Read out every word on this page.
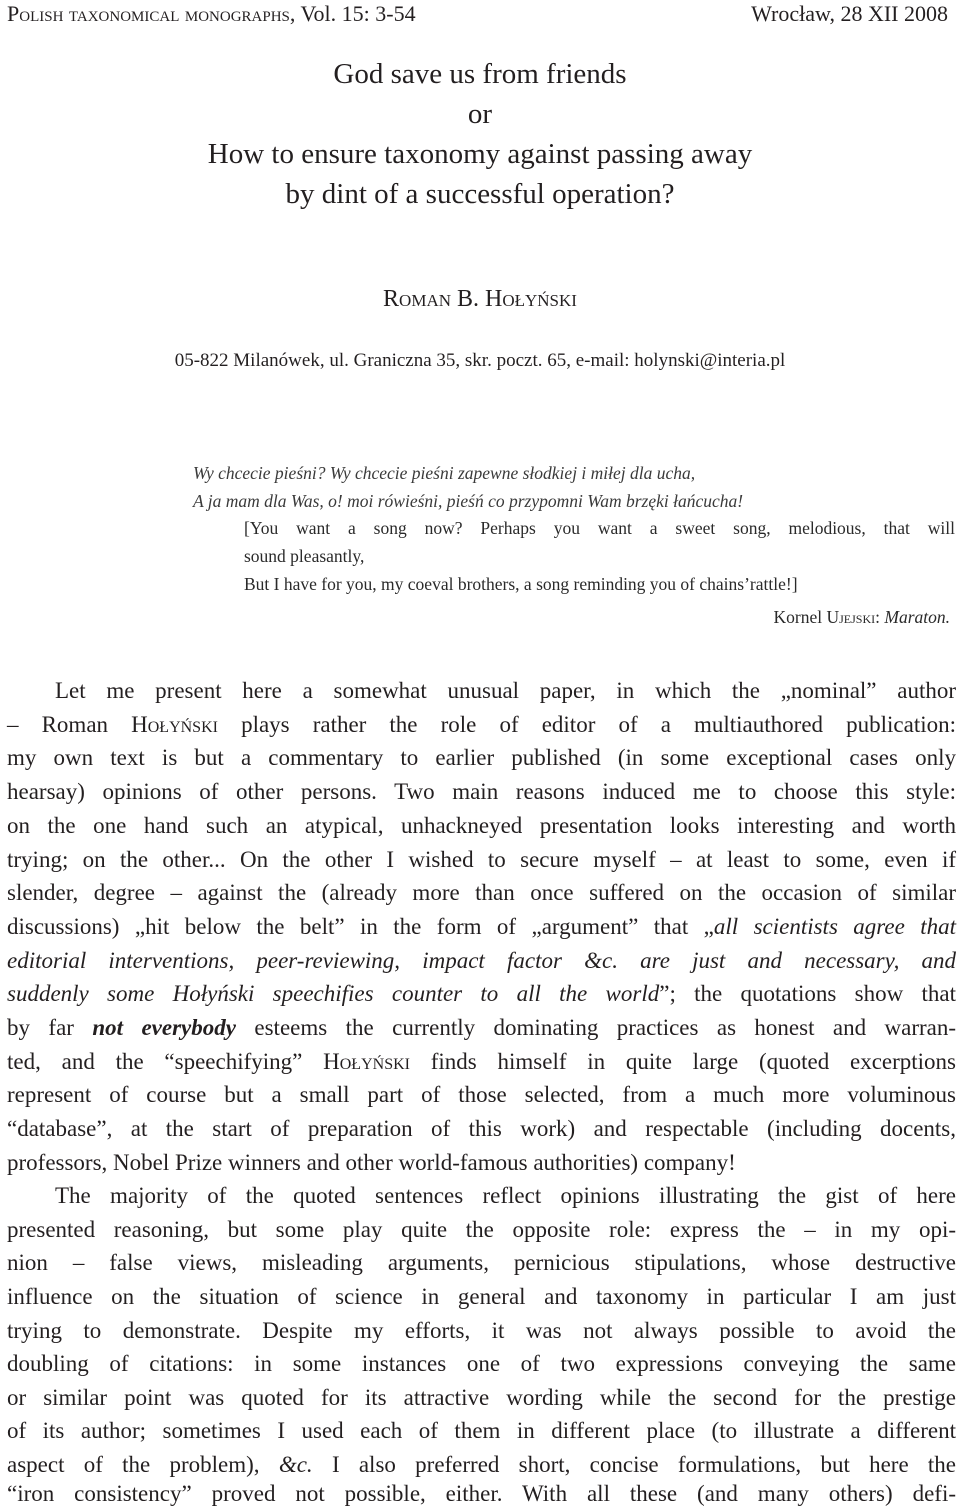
Polish taxonomical monographs, Vol. 15: 3-54	Wrocław, 28 XII 2008

God save us from friends

or

How to ensure taxonomy against passing away

by dint of a successful operation?

Roman B. Hołyński
05-822 Milanówek, ul. Graniczna 35, skr. poczt. 65, e-mail: holynski@interia.pl
Wy chcecie pieśni? Wy chcecie pieśni zapewne słodkiej i miłej dla ucha,
A ja mam dla Was, o! moi rówieśni, pieśń co przypomni Wam brzęki łańcucha!
[You want a song now? Perhaps you want a sweet song, melodious, that will
sound pleasantly,
But I have for you, my coeval brothers, a song reminding you of chains’rattle!]
Kornel Ujejski: Maraton.
Let me present here a somewhat unusual paper, in which the „nominal” author
– Roman Hołyński plays rather the role of editor of a multiauthored publication:
my own text is but a commentary to earlier published (in some exceptional cases only
hearsay) opinions of other persons. Two main reasons induced me to choose this style:
on the one hand such an atypical, unhackneyed presentation looks interesting and worth
trying; on the other... On the other I wished to secure myself – at least to some, even if
slender, degree – against the (already more than once suffered on the occasion of similar
discussions) „hit below the belt” in the form of „argument” that „all scientists agree that
editorial interventions, peer-reviewing, impact factor &c. are just and necessary, and
suddenly some Hołyński speechifies counter to all the world”; the quotations show that
by far not everybody esteems the currently dominating practices as honest and warran-
ted, and the “speechifying” Hołyński finds himself in quite large (quoted excerptions
represent of course but a small part of those selected, from a much more voluminous
“database”, at the start of preparation of this work) and respectable (including docents,
professors, Nobel Prize winners and other world-famous authorities) company!
The majority of the quoted sentences reflect opinions illustrating the gist of here
presented reasoning, but some play quite the opposite role: express the – in my opi-
nion – false views, misleading arguments, pernicious stipulations, whose destructive
influence on the situation of science in general and taxonomy in particular I am just
trying to demonstrate. Despite my efforts, it was not always possible to avoid the
doubling of citations: in some instances one of two expressions conveying the same
or similar point was quoted for its attractive wording while the second for the prestige
of its author; sometimes I used each of them in different place (to illustrate a different
aspect of the problem), &c. I also preferred short, concise formulations, but here the
“iron consistency” proved not possible, either. With all these (and many others) defi-
